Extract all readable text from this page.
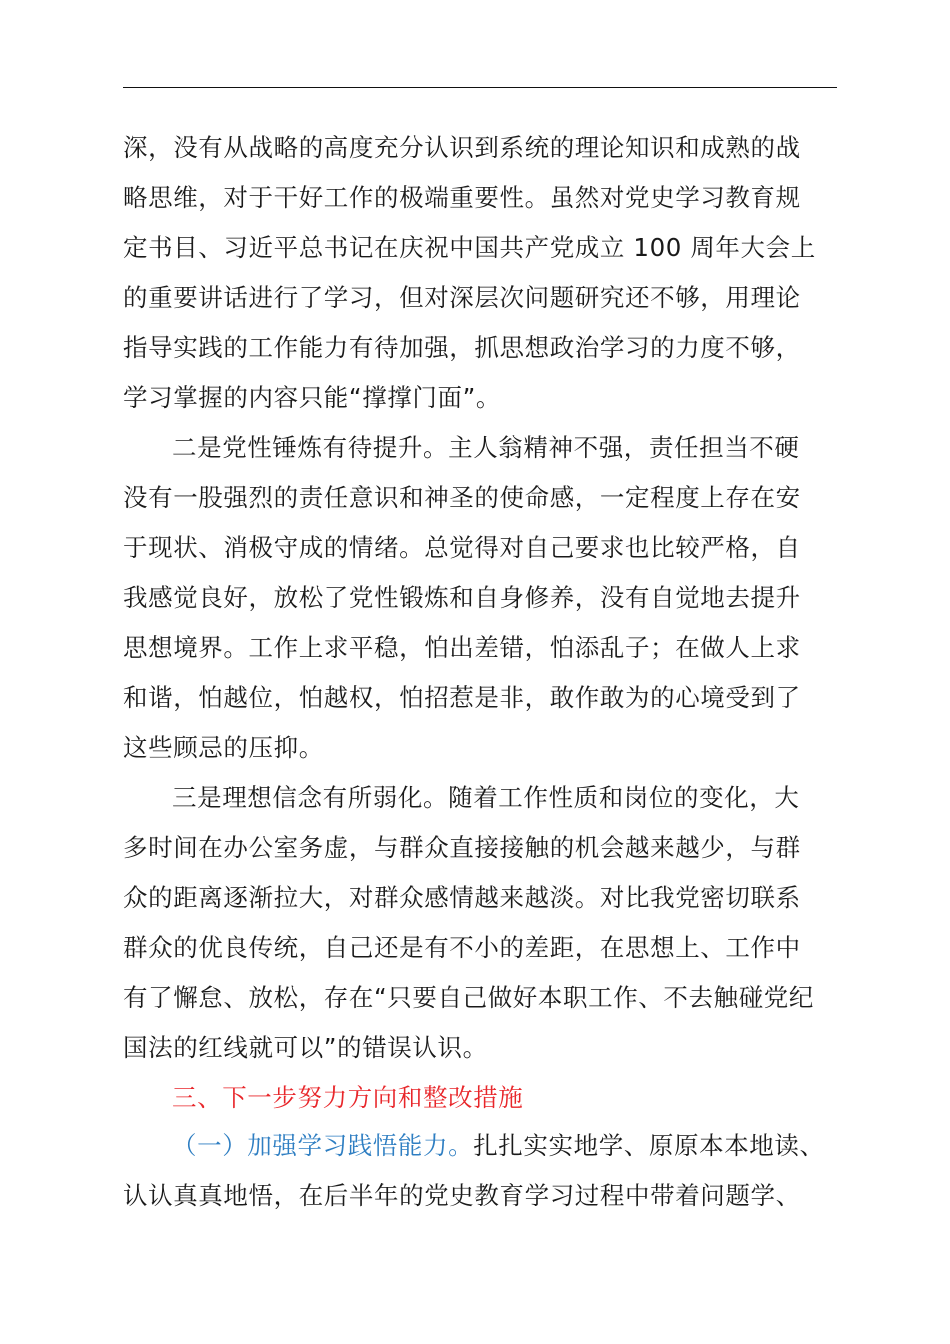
深，没有从战略的高度充分认识到系统的理论知识和成熟的战
略思维，对于干好工作的极端重要性。虽然对党史学习教育规
定书目、习近平总书记在庆祝中国共产党成立 100 周年大会上
的重要讲话进行了学习，但对深层次问题研究还不够，用理论
指导实践的工作能力有待加强，抓思想政治学习的力度不够，
学习掌握的内容只能“撑撑门面”。
二是党性锤炼有待提升。主人翁精神不强，责任担当不硬
没有一股强烈的责任意识和神圣的使命感，一定程度上存在安
于现状、消极守成的情绪。总觉得对自己要求也比较严格，自
我感觉良好，放松了党性锻炼和自身修养，没有自觉地去提升
思想境界。工作上求平稳，怕出差错，怕添乱子；在做人上求
和谐，怕越位，怕越权，怕招惹是非，敢作敢为的心境受到了
这些顾忌的压抑。
三是理想信念有所弱化。随着工作性质和岗位的变化，大
多时间在办公室务虚，与群众直接接触的机会越来越少，与群
众的距离逐渐拉大，对群众感情越来越淡。对比我党密切联系
群众的优良传统，自己还是有不小的差距，在思想上、工作中
有了懈怠、放松，存在“只要自己做好本职工作、不去触碰党纪
国法的红线就可以”的错误认识。
三、下一步努力方向和整改措施
（一）加强学习践悟能力。扎扎实实地学、原原本本地读、
认认真真地悟，在后半年的党史教育学习过程中带着问题学、
